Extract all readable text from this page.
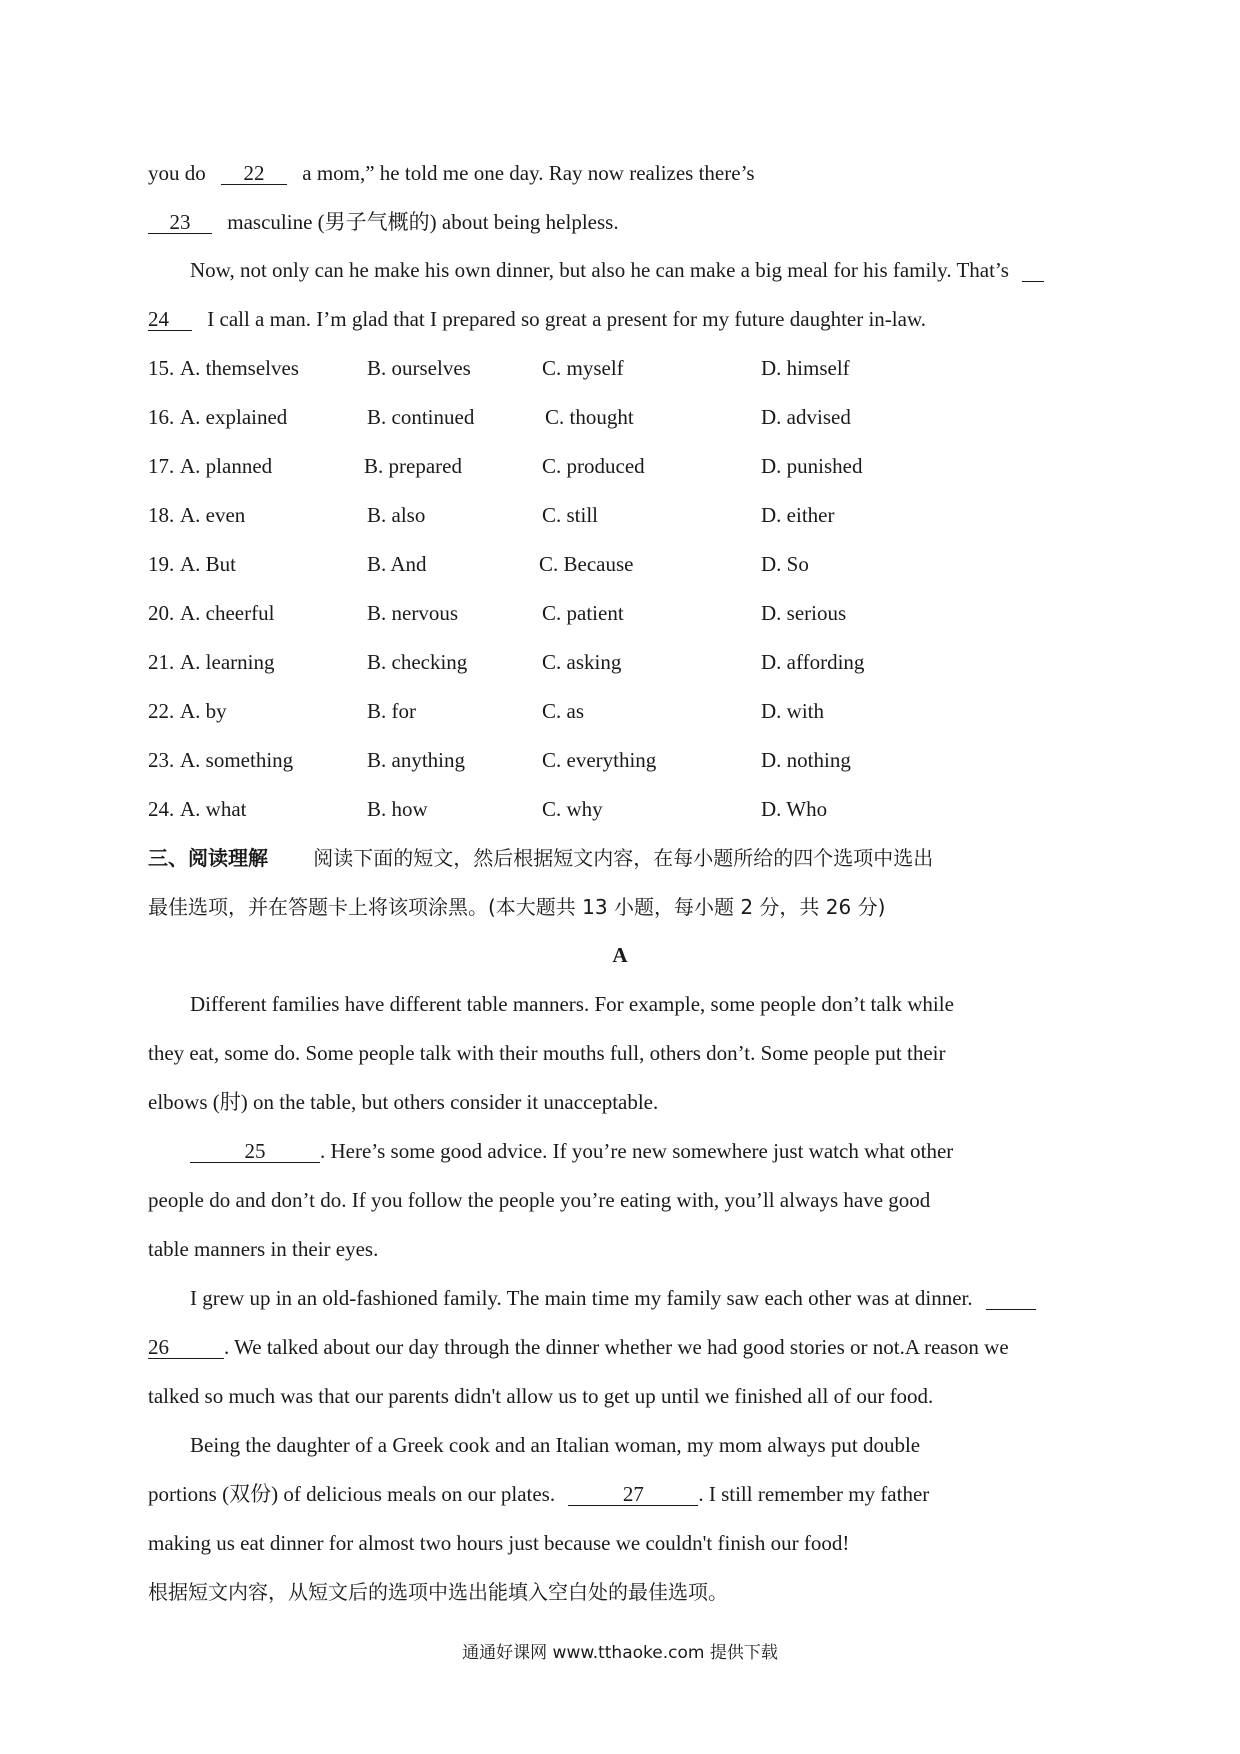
you do 22 a mom,” he told me one day. Ray now realizes there’s
23 masculine (男子气概的) about being helpless.
Now, not only can he make his own dinner, but also he can make a big meal for his family. That’s
24 I call a man. I’m glad that I prepared so great a present for my future daughter in-law.
15. A. themselves	B. ourselves	C. myself	D. himself
16. A. explained	B. continued	C. thought	D. advised
17. A. planned	B. prepared	C. produced	D. punished
18. A. even	B. also	C. still	D. either
19. A. But	B. And	C. Because	D. So
20. A. cheerful	B. nervous	C. patient	D. serious
21. A. learning	B. checking	C. asking	D. affording
22. A. by	B. for	C. as	D. with
23. A. something	B. anything	C. everything	D. nothing
24. A. what	B. how	C. why	D. Who
三、阅读理解 阅读下面的短文，然后根据短文内容，在每小题所给的四个选项中选出
最佳选项，并在答题卡上将该项涂黑。(本大题共 13 小题，每小题 2 分，共 26 分)
A
Different families have different table manners. For example, some people don’t talk while
they eat, some do. Some people talk with their mouths full, others don’t. Some people put their
elbows (肘) on the table, but others consider it unacceptable.
25	. Here’s some good advice. If you’re new somewhere just watch what other
people do and don’t do. If you follow the people you’re eating with, you’ll always have good
table manners in their eyes.
I grew up in an old-fashioned family. The main time my family saw each other was at dinner.
26	. We talked about our day through the dinner whether we had good stories or not.A reason we
talked so much was that our parents didn't allow us to get up until we finished all of our food.
Being the daughter of a Greek cook and an Italian woman, my mom always put double
portions (双份) of delicious meals on our plates.	27	. I still remember my father
making us eat dinner for almost two hours just because we couldn't finish our food!
根据短文内容，从短文后的选项中选出能填入空白处的最佳选项。
通通好课网 www.tthaoke.com 提供下载
